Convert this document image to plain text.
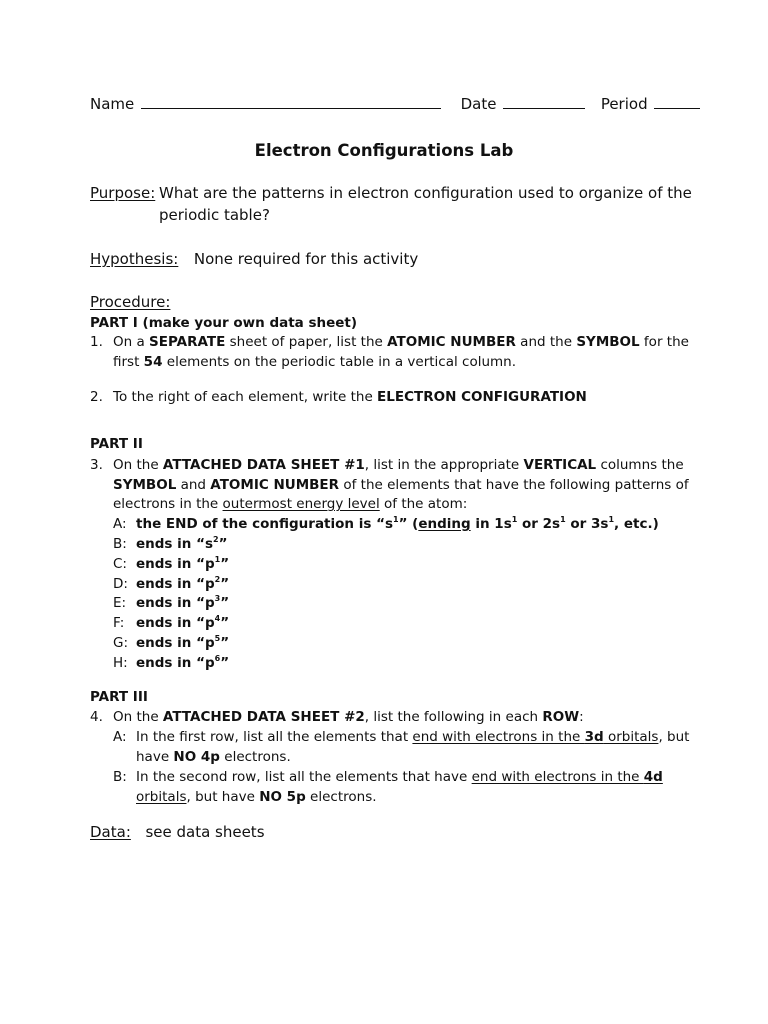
Name	Date	Period
Electron Configurations Lab
Purpose: What are the patterns in electron configuration used to organize of the
periodic table?
Hypothesis: None required for this activity
Procedure:
PART I (make your own data sheet)
1. On a SEPARATE sheet of paper, list the ATOMIC NUMBER and the SYMBOL for the
first 54 elements on the periodic table in a vertical column.
2. To the right of each element, write the ELECTRON CONFIGURATION
PART II
3. On the ATTACHED DATA SHEET #1, list in the appropriate VERTICAL columns the
SYMBOL and ATOMIC NUMBER of the elements that have the following patterns of
electrons in the outermost energy level of the atom:
A: the END of the configuration is “$s^1$” (ending in $1s^1$ or $2s^1$ or $3s^1$, etc.)
B: ends in “$s^2$”
C: ends in “$p^1$”
D: ends in “$p^2$”
E: ends in “$p^3$”
F: ends in “$p^4$”
G: ends in “$p^5$”
H: ends in “$p^6$”
PART III
4. On the ATTACHED DATA SHEET #2, list the following in each ROW:
A: In the first row, list all the elements that end with electrons in the 3d orbitals, but
have NO 4p electrons.
B: In the second row, list all the elements that have end with electrons in the 4d
orbitals, but have NO 5p electrons.
Data: see data sheets
